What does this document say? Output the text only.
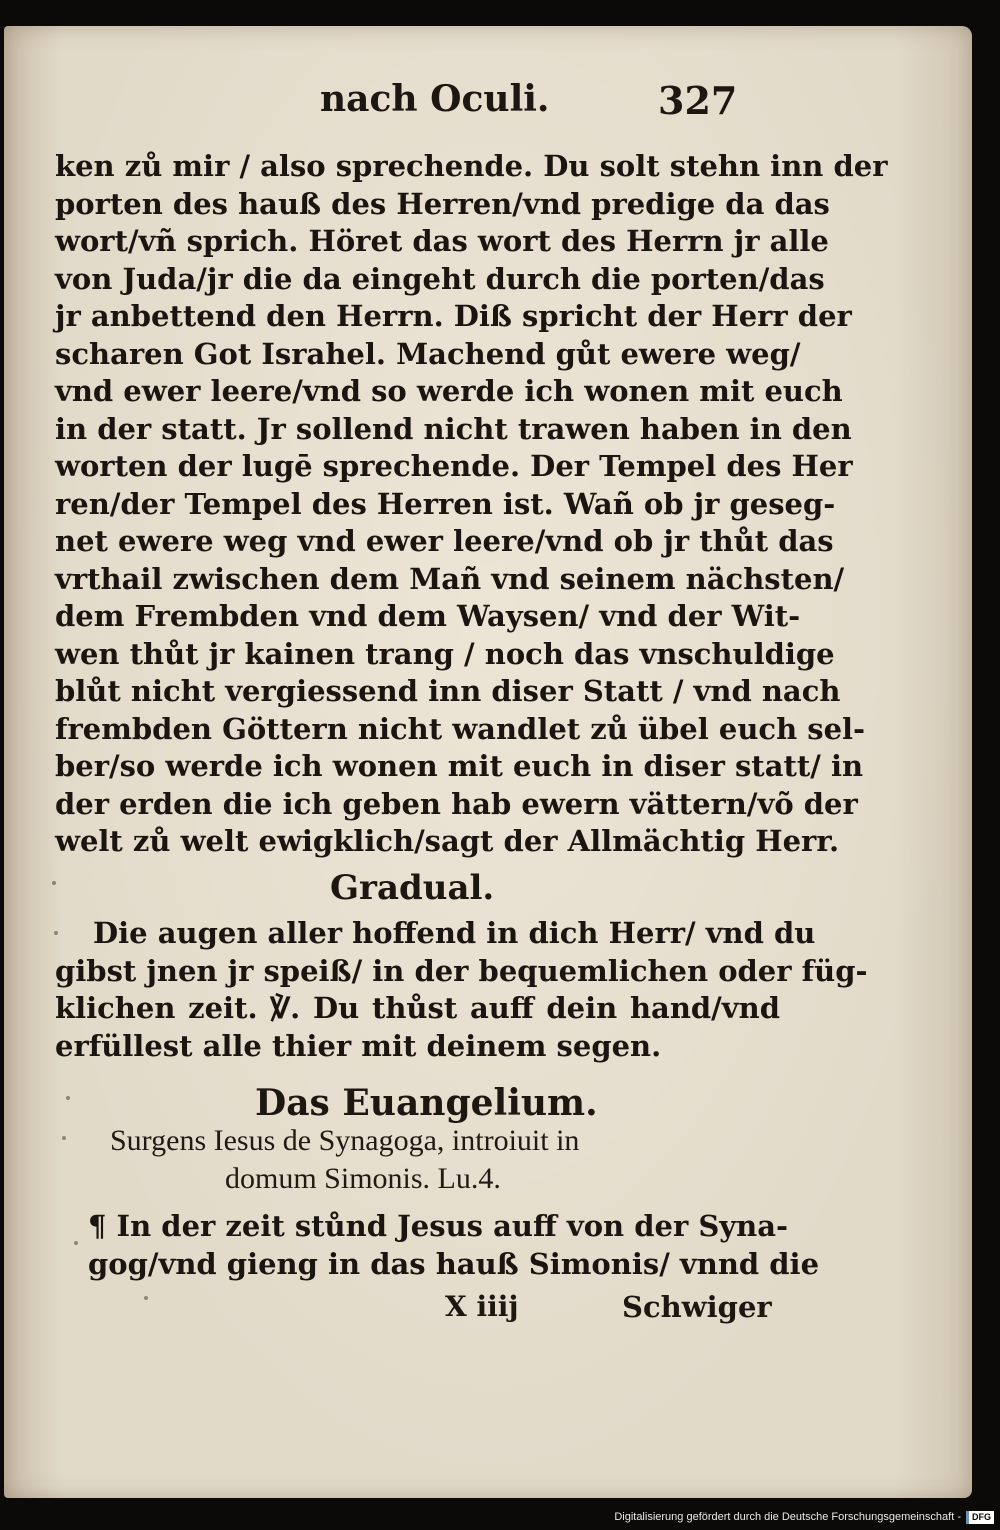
nach Oculi.	327
ken zů mir / also sprechende. Du solt stehn inn der
porten des hauß des Herren/vnd predige da das
wort/vñ sprich. Höret das wort des Herrn jr alle
von Juda/jr die da eingeht durch die porten/das
jr anbettend den Herrn. Diß spricht der Herr der
scharen Got Israhel. Machend gůt ewere weg/
vnd ewer leere/vnd so werde ich wonen mit euch
in der statt. Jr sollend nicht trawen haben in den
worten der lugē sprechende. Der Tempel des Her
ren/der Tempel des Herren ist. Wañ ob jr geseg-
net ewere weg vnd ewer leere/vnd ob jr thůt das
vrthail zwischen dem Mañ vnd seinem nächsten/
dem Frembden vnd dem Waysen/ vnd der Wit-
wen thůt jr kainen trang / noch das vnschuldige
blůt nicht vergiessend inn diser Statt / vnd nach
frembden Göttern nicht wandlet zů übel euch sel-
ber/so werde ich wonen mit euch in diser statt/ in
der erden die ich geben hab ewern vättern/võ der
welt zů welt ewigklich/sagt der Allmächtig Herr.
Gradual.
Die augen aller hoffend in dich Herr/ vnd du
gibst jnen jr speiß/ in der bequemlichen oder füg-
klichen zeit. ℣. Du thůst auff dein hand/vnd
erfüllest alle thier mit deinem segen.
Das Euangelium.
Surgens Iesus de Synagoga, introiuit in
domum Simonis. Lu.4.
¶ In der zeit stůnd Jesus auff von der Syna-
gog/vnd gieng in das hauß Simonis/ vnnd die
X iiij	Schwiger
Digitalisierung gefördert durch die Deutsche Forschungsgemeinschaft -	DFG
